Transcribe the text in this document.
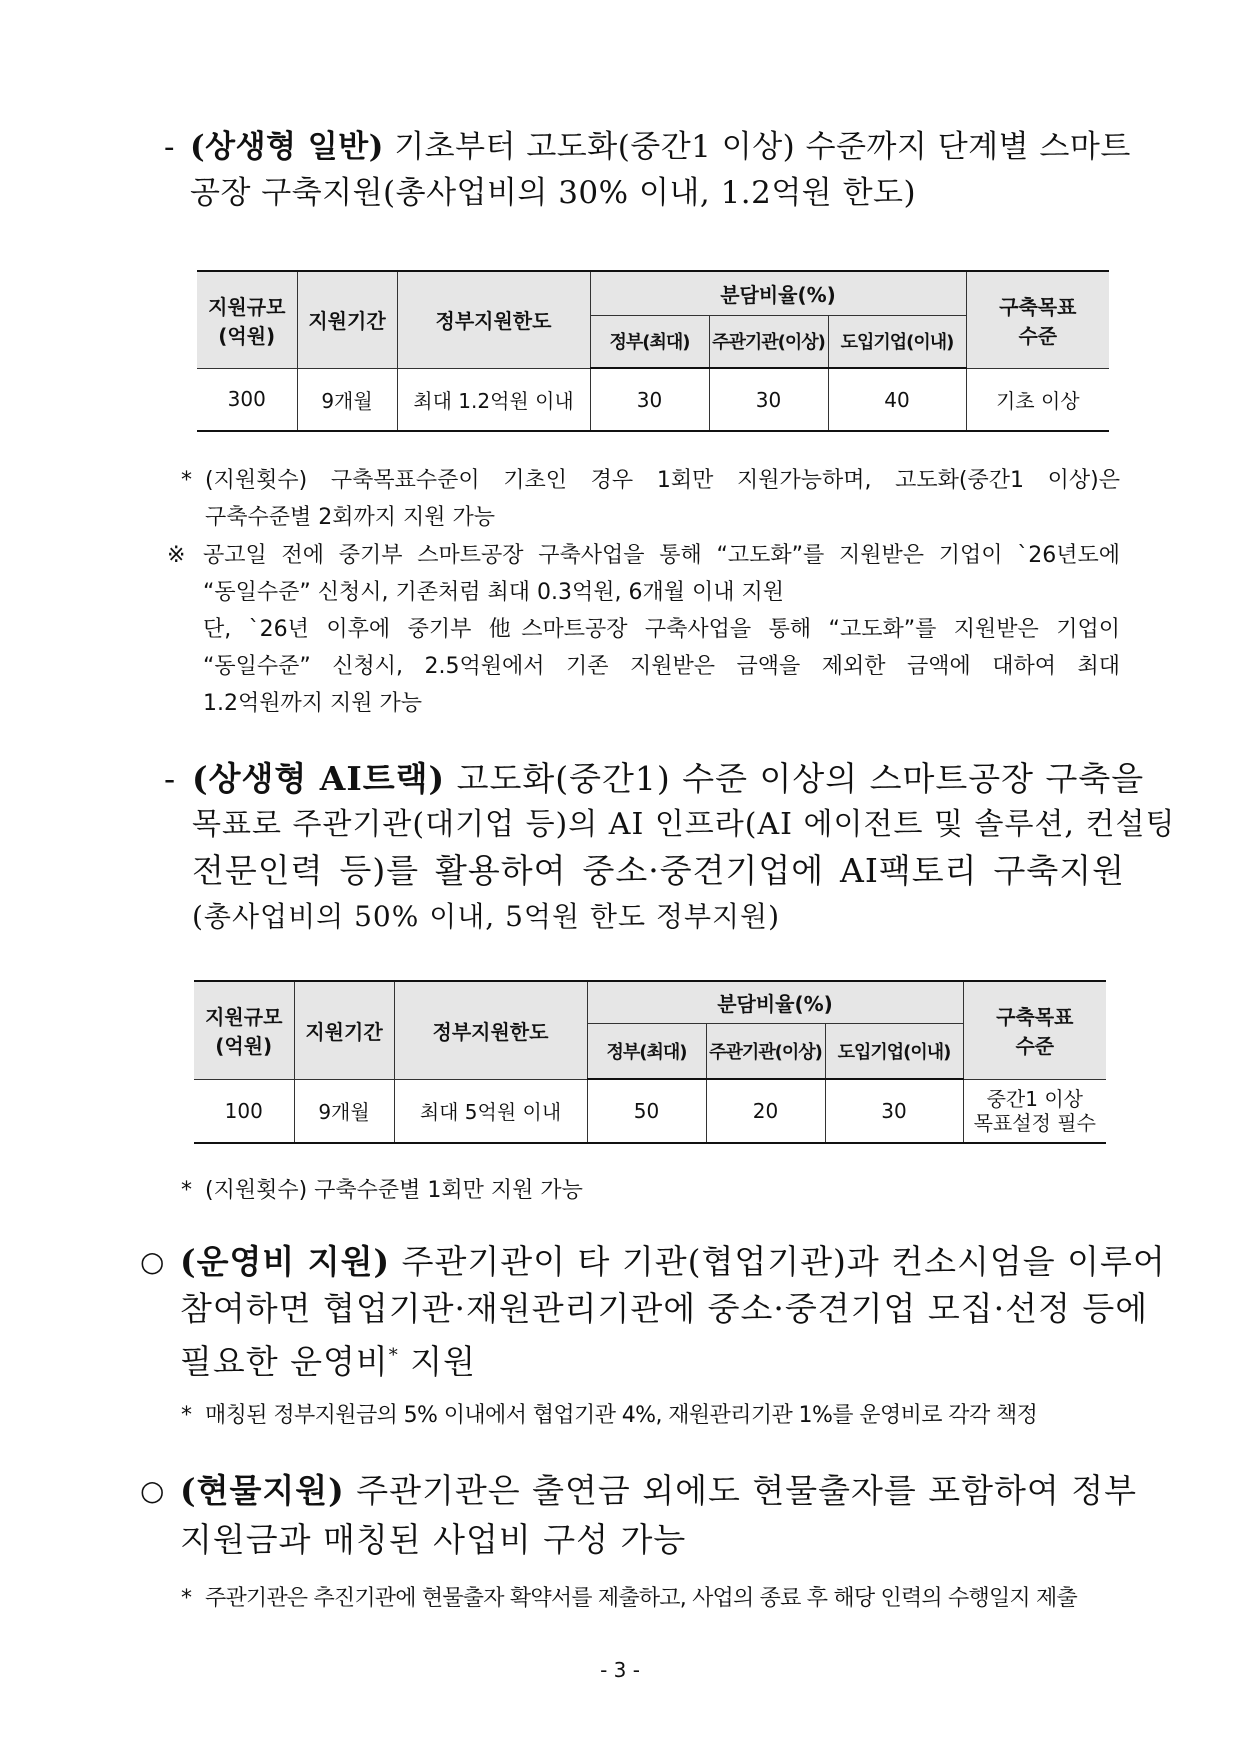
- (상생형 일반) 기초부터 고도화(중간1 이상) 수준까지 단계별 스마트
공장 구축지원(총사업비의 30% 이내, 1.2억원 한도)
지원규모
(억원)	지원기간	정부지원한도	분담비율(%)			구축목표
수준
			정부(최대)	주관기관(이상)	도입기업(이내)	
300	9개월	최대 1.2억원 이내	30	30	40	기초 이상
* (지원횟수) 구축목표수준이 기초인 경우 1회만 지원가능하며, 고도화(중간1 이상)은
구축수준별 2회까지 지원 가능
※ 공고일 전에 중기부 스마트공장 구축사업을 통해 “고도화”를 지원받은 기업이 `26년도에
“동일수준” 신청시, 기존처럼 최대 0.3억원, 6개월 이내 지원
단, `26년 이후에 중기부 他스마트공장 구축사업을 통해 “고도화”를 지원받은 기업이
“동일수준” 신청시, 2.5억원에서 기존 지원받은 금액을 제외한 금액에 대하여 최대
1.2억원까지 지원 가능
- (상생형 AI트랙) 고도화(중간1) 수준 이상의 스마트공장 구축을
목표로 주관기관(대기업 등)의 AI 인프라(AI 에이전트 및 솔루션, 컨설팅
전문인력 등)를 활용하여 중소·중견기업에 AI팩토리 구축지원
(총사업비의 50% 이내, 5억원 한도 정부지원)
지원규모
(억원)	지원기간	정부지원한도	분담비율(%)			구축목표
수준
			정부(최대)	주관기관(이상)	도입기업(이내)	
100	9개월	최대 5억원 이내	50	20	30	중간1 이상
목표설정 필수
* (지원횟수) 구축수준별 1회만 지원 가능
○ (운영비 지원) 주관기관이 타 기관(협업기관)과 컨소시엄을 이루어
참여하면 협업기관·재원관리기관에 중소·중견기업 모집·선정 등에
필요한 운영비* 지원
* 매칭된 정부지원금의 5% 이내에서 협업기관 4%, 재원관리기관 1%를 운영비로 각각 책정
○ (현물지원) 주관기관은 출연금 외에도 현물출자를 포함하여 정부
지원금과 매칭된 사업비 구성 가능
* 주관기관은 추진기관에 현물출자 확약서를 제출하고, 사업의 종료 후 해당 인력의 수행일지 제출
- 3 -
